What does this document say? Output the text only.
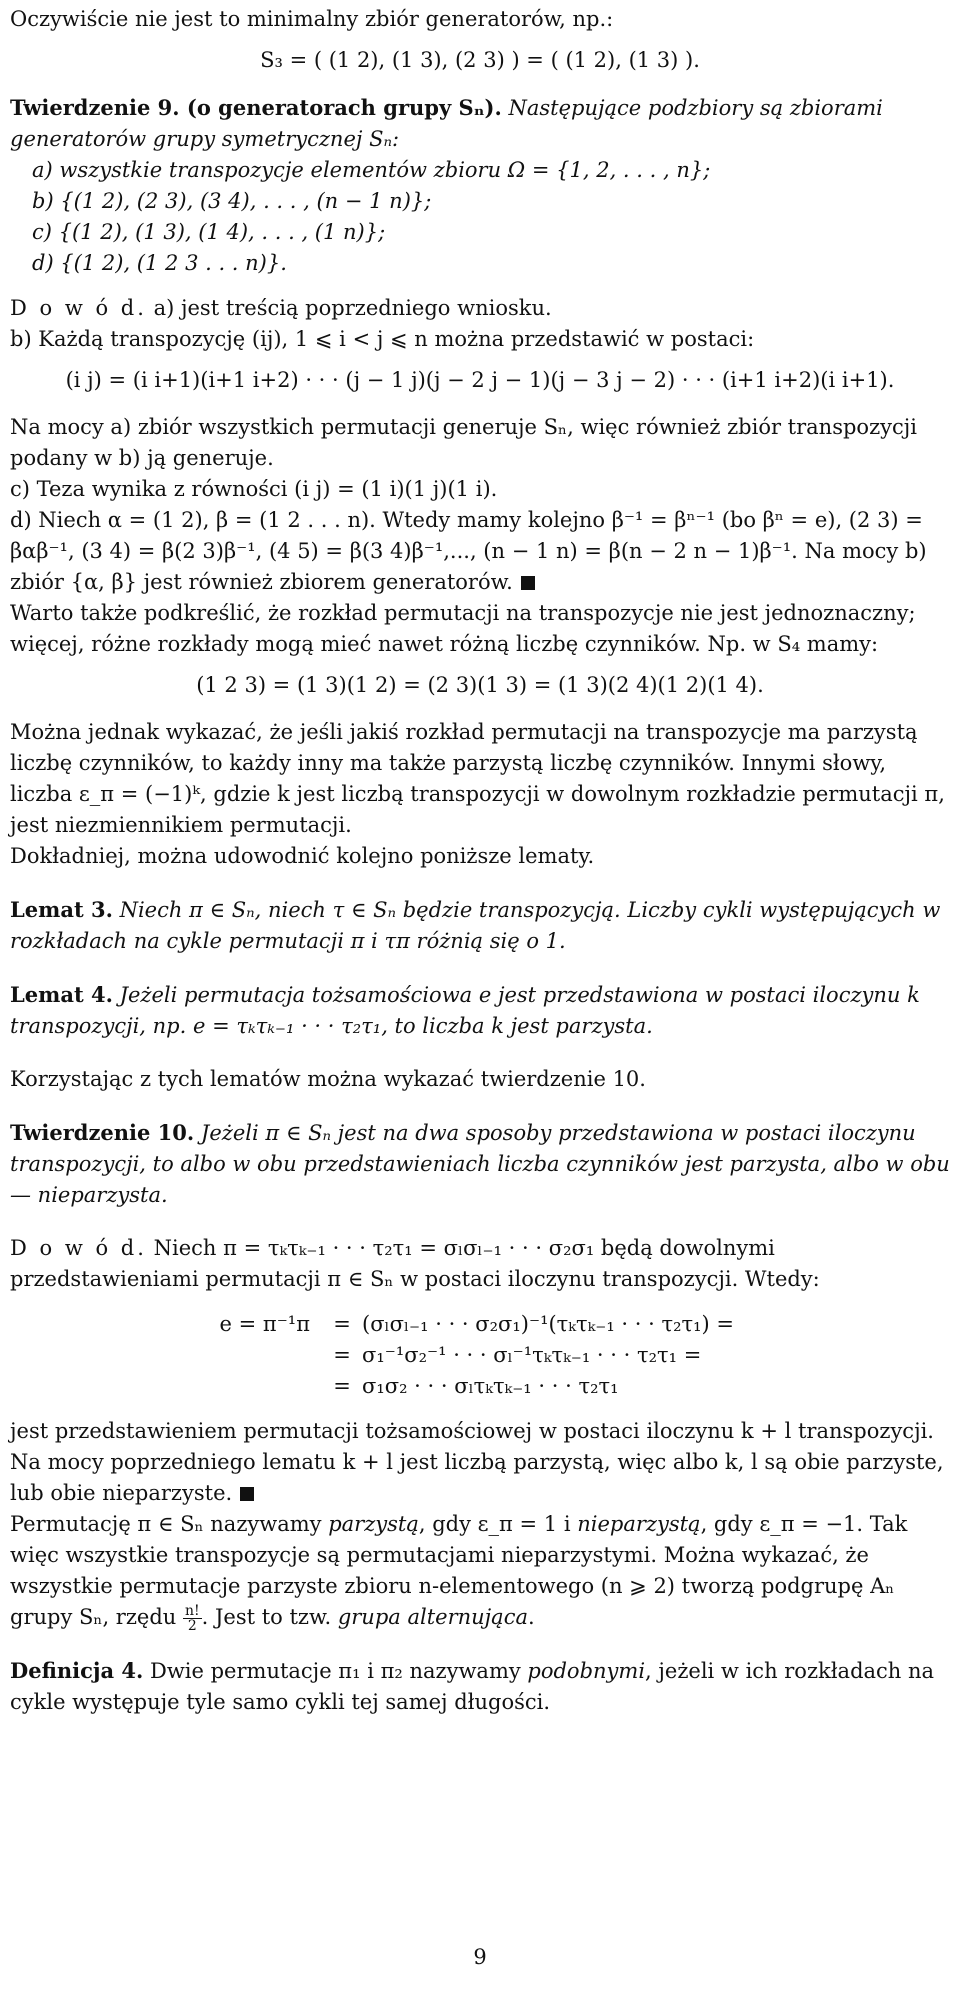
Oczywiście nie jest to minimalny zbiór generatorów, np.:

S₃ = ( (1 2), (1 3), (2 3) ) = ( (1 2), (1 3) ).

Twierdzenie 9. (o generatorach grupy Sₙ). Następujące podzbiory są zbiorami generatorów grupy symetrycznej Sₙ:

a) wszystkie transpozycje elementów zbioru Ω = {1, 2, . . . , n};

b) {(1 2), (2 3), (3 4), . . . , (n − 1 n)};

c) {(1 2), (1 3), (1 4), . . . , (1 n)};

d) {(1 2), (1 2 3 . . . n)}.

D o w ó d. a) jest treścią poprzedniego wniosku.

b) Każdą transpozycję (ij), 1 ⩽ i < j ⩽ n można przedstawić w postaci:

(i j) = (i i+1)(i+1 i+2) · · · (j − 1 j)(j − 2 j − 1)(j − 3 j − 2) · · · (i+1 i+2)(i i+1).

Na mocy a) zbiór wszystkich permutacji generuje Sₙ, więc również zbiór transpozycji podany w b) ją generuje.

c) Teza wynika z równości (i j) = (1 i)(1 j)(1 i).

d) Niech α = (1 2), β = (1 2 . . . n). Wtedy mamy kolejno β⁻¹ = βⁿ⁻¹ (bo βⁿ = e), (2 3) = βαβ⁻¹, (3 4) = β(2 3)β⁻¹, (4 5) = β(3 4)β⁻¹,..., (n − 1 n) = β(n − 2 n − 1)β⁻¹. Na mocy b) zbiór {α, β} jest również zbiorem generatorów.

Warto także podkreślić, że rozkład permutacji na transpozycje nie jest jednoznaczny; więcej, różne rozkłady mogą mieć nawet różną liczbę czynników. Np. w S₄ mamy:

(1 2 3) = (1 3)(1 2) = (2 3)(1 3) = (1 3)(2 4)(1 2)(1 4).

Można jednak wykazać, że jeśli jakiś rozkład permutacji na transpozycje ma parzystą liczbę czynników, to każdy inny ma także parzystą liczbę czynników. Innymi słowy, liczba ε_π = (−1)ᵏ, gdzie k jest liczbą transpozycji w dowolnym rozkładzie permutacji π, jest niezmiennikiem permutacji.

Dokładniej, można udowodnić kolejno poniższe lematy.

Lemat 3. Niech π ∈ Sₙ, niech τ ∈ Sₙ będzie transpozycją. Liczby cykli występujących w rozkładach na cykle permutacji π i τπ różnią się o 1.

Lemat 4. Jeżeli permutacja tożsamościowa e jest przedstawiona w postaci iloczynu k transpozycji, np. e = τₖτₖ₋₁ · · · τ₂τ₁, to liczba k jest parzysta.

Korzystając z tych lematów można wykazać twierdzenie 10.

Twierdzenie 10. Jeżeli π ∈ Sₙ jest na dwa sposoby przedstawiona w postaci iloczynu transpozycji, to albo w obu przedstawieniach liczba czynników jest parzysta, albo w obu — nieparzysta.

D o w ó d. Niech π = τₖτₖ₋₁ · · · τ₂τ₁ = σₗσₗ₋₁ · · · σ₂σ₁ będą dowolnymi przedstawieniami permutacji π ∈ Sₙ w postaci iloczynu transpozycji. Wtedy:

e = π⁻¹π	= (σₗσₗ₋₁ · · · σ₂σ₁)⁻¹(τₖτₖ₋₁ · · · τ₂τ₁) =
= σ₁⁻¹σ₂⁻¹ · · · σₗ⁻¹τₖτₖ₋₁ · · · τ₂τ₁ =
= σ₁σ₂ · · · σₗτₖτₖ₋₁ · · · τ₂τ₁

jest przedstawieniem permutacji tożsamościowej w postaci iloczynu k + l transpozycji. Na mocy poprzedniego lematu k + l jest liczbą parzystą, więc albo k, l są obie parzyste, lub obie nieparzyste.

Permutację π ∈ Sₙ nazywamy parzystą, gdy ε_π = 1 i nieparzystą, gdy ε_π = −1. Tak więc wszystkie transpozycje są permutacjami nieparzystymi. Można wykazać, że wszystkie permutacje parzyste zbioru n-elementowego (n ⩾ 2) tworzą podgrupę Aₙ grupy Sₙ, rzędu $\frac{n!}{2}$ . Jest to tzw. grupa alternująca.

Definicja 4. Dwie permutacje π₁ i π₂ nazywamy podobnymi, jeżeli w ich rozkładach na cykle występuje tyle samo cykli tej samej długości.

9
